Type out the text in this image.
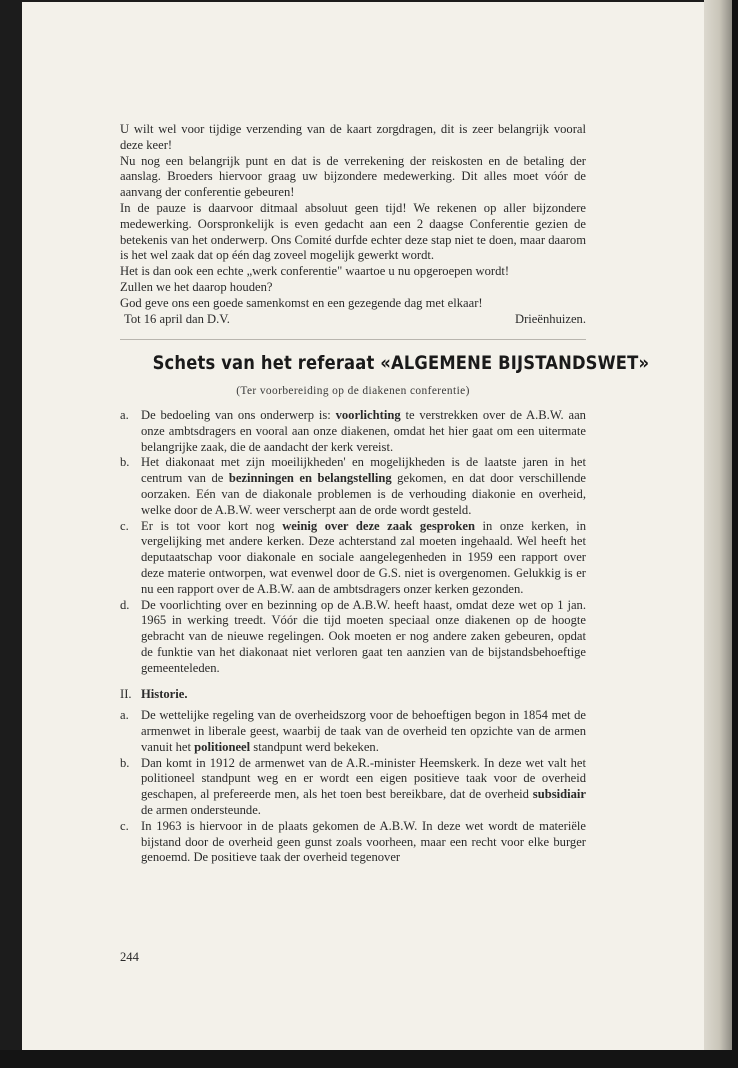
U wilt wel voor tijdige verzending van de kaart zorgdragen, dit is zeer belangrijk vooral deze keer!

Nu nog een belangrijk punt en dat is de verrekening der reiskosten en de betaling der aanslag. Broeders hiervoor graag uw bijzondere medewerking. Dit alles moet vóór de aanvang der conferentie gebeuren!

In de pauze is daarvoor ditmaal absoluut geen tijd! We rekenen op aller bijzondere medewerking. Oorspronkelijk is even gedacht aan een 2 daagse Conferentie gezien de betekenis van het onderwerp. Ons Comité durfde echter deze stap niet te doen, maar daarom is het wel zaak dat op één dag zoveel mogelijk gewerkt wordt.

Het is dan ook een echte „werk conferentie" waartoe u nu opgeroepen wordt!

Zullen we het daarop houden?

God geve ons een goede samenkomst en een gezegende dag met elkaar!

Tot 16 april dan D.V.	Drieënhuizen.
Schets van het referaat «ALGEMENE BIJSTANDSWET»
(Ter voorbereiding op de diakenen conferentie)
a. De bedoeling van ons onderwerp is: voorlichting te verstrekken over de A.B.W. aan onze ambtsdragers en vooral aan onze diakenen, omdat het hier gaat om een uitermate belangrijke zaak, die de aandacht der kerk vereist.
b. Het diakonaat met zijn moeilijkheden' en mogelijkheden is de laatste jaren in het centrum van de bezinningen en belangstelling gekomen, en dat door verschillende oorzaken. Eén van de diakonale problemen is de verhouding diakonie en overheid, welke door de A.B.W. weer verscherpt aan de orde wordt gesteld.
c. Er is tot voor kort nog weinig over deze zaak gesproken in onze kerken, in vergelijking met andere kerken. Deze achterstand zal moeten ingehaald. Wel heeft het deputaatschap voor diakonale en sociale aangelegenheden in 1959 een rapport over deze materie ontworpen, wat evenwel door de G.S. niet is overgenomen. Gelukkig is er nu een rapport over de A.B.W. aan de ambtsdragers onzer kerken gezonden.
d. De voorlichting over en bezinning op de A.B.W. heeft haast, omdat deze wet op 1 jan. 1965 in werking treedt. Vóór die tijd moeten speciaal onze diakenen op de hoogte gebracht van de nieuwe regelingen. Ook moeten er nog andere zaken gebeuren, opdat de funktie van het diakonaat niet verloren gaat ten aanzien van de bijstandsbehoeftige gemeenteleden.
II. Historie.
a. De wettelijke regeling van de overheidszorg voor de behoeftigen begon in 1854 met de armenwet in liberale geest, waarbij de taak van de overheid ten opzichte van de armen vanuit het politioneel standpunt werd bekeken.
b. Dan komt in 1912 de armenwet van de A.R.-minister Heemskerk. In deze wet valt het politioneel standpunt weg en er wordt een eigen positieve taak voor de overheid geschapen, al prefereerde men, als het toen best bereikbare, dat de overheid subsidiair de armen ondersteunde.
c. In 1963 is hiervoor in de plaats gekomen de A.B.W. In deze wet wordt de materiële bijstand door de overheid geen gunst zoals voorheen, maar een recht voor elke burger genoemd. De positieve taak der overheid tegenover
244
